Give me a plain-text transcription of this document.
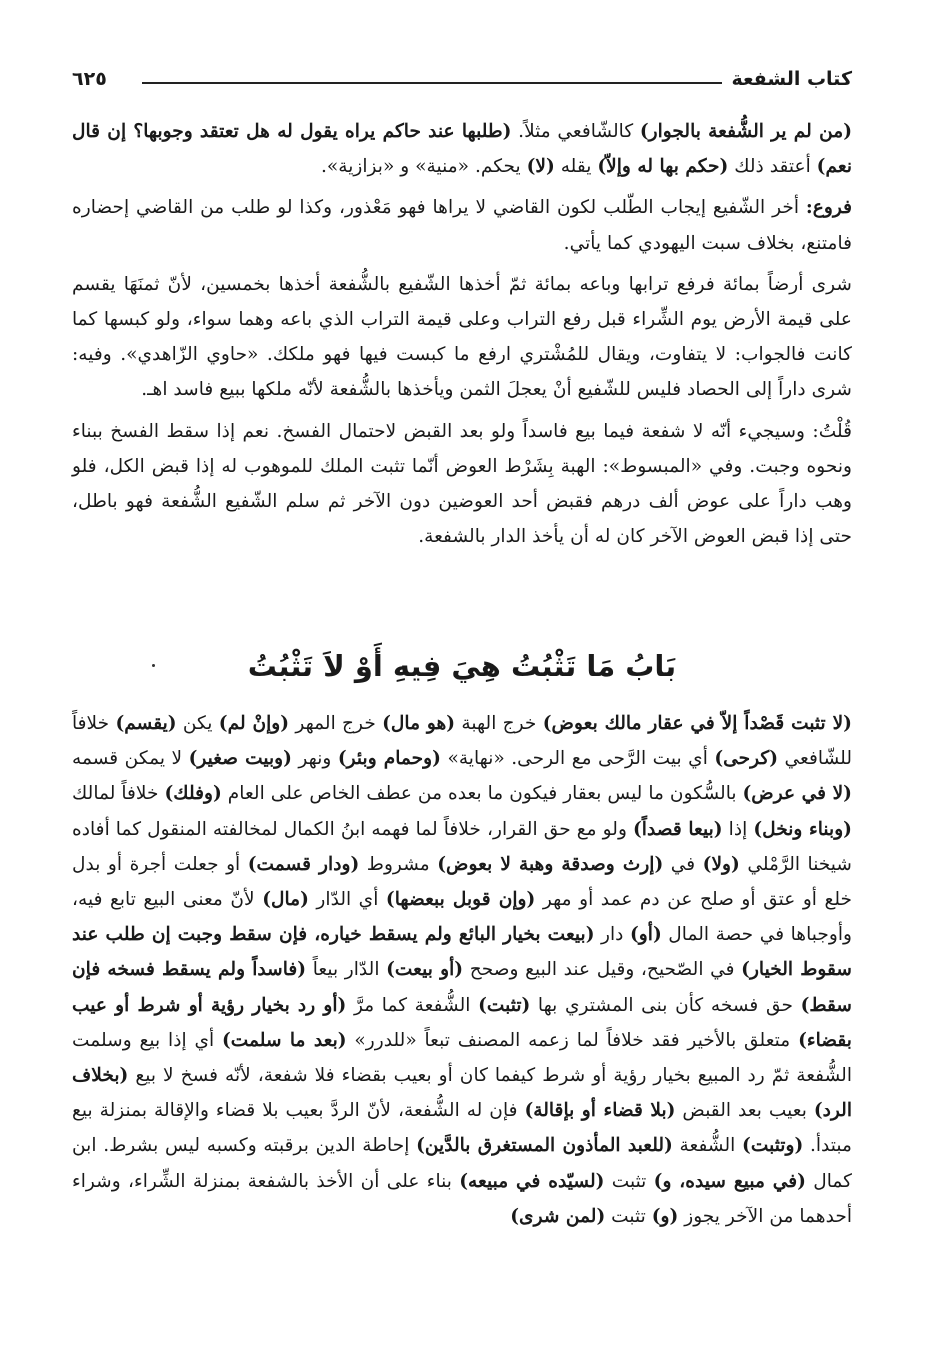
كتاب الشفعة
٦٢٥

(من لم ير الشُّفعة بالجوار) كالشّافعي مثلاً. (طلبها عند حاكم يراه يقول له هل تعتقد وجوبها؟ إن قال نعم) أعتقد ذلك (حكم بها له وإلاّ) يقله (لا) يحكم. «منية» و «بزازية».

فروع: أخر الشّفيع إيجاب الطّلب لكون القاضي لا يراها فهو مَعْذور، وكذا لو طلب من القاضي إحضاره فامتنع، بخلاف سبت اليهودي كما يأتي.

شرى أرضاً بمائة فرفع ترابها وباعه بمائة ثمّ أخذها الشّفيع بالشُّفعة أخذها بخمسين، لأنّ ثمنَهَا يقسم على قيمة الأرض يوم الشِّراء قبل رفع التراب وعلى قيمة التراب الذي باعه وهما سواء، ولو كبسها كما كانت فالجواب: لا يتفاوت، ويقال للمُشْتري ارفع ما كبست فيها فهو ملكك. «حاوي الزّاهدي». وفيه: شرى داراً إلى الحصاد فليس للشّفيع أنْ يعجلَ الثمن ويأخذها بالشُّفعة لأنّه ملكها ببيع فاسد اهـ.

قُلْتُ: وسيجيء أنّه لا شفعة فيما بيع فاسداً ولو بعد القبض لاحتمال الفسخ. نعم إذا سقط الفسخ ببناء ونحوه وجبت. وفي «المبسوط»: الهبة بِشَرْط العوض أنّما تثبت الملك للموهوب له إذا قبض الكل، فلو وهب داراً على عوض ألف درهم فقبض أحد العوضين دون الآخر ثم سلم الشّفيع الشُّفعة فهو باطل، حتى إذا قبض العوض الآخر كان له أن يأخذ الدار بالشفعة.

بَابُ مَا تَثْبُتُ هِيَ فِيهِ أَوْ لاَ تَثْبُتُ

(لا تثبت قَصْداً إلاّ في عقار مالك بعوض) خرج الهبة (هو مال) خرج المهر (وإنْ لم) يكن (يقسم) خلافاً للشّافعي (كرحى) أي بيت الرَّحى مع الرحى. «نهاية» (وحمام وبئر) ونهر (وبيت صغير) لا يمكن قسمه (لا في عرض) بالسُّكون ما ليس بعقار فيكون ما بعده من عطف الخاص على العام (وفلك) خلافاً لمالك (وبناء ونخل) إذا (بيعا قصداً) ولو مع حق القرار، خلافاً لما فهمه ابنُ الكمال لمخالفته المنقول كما أفاده شيخنا الرَّمْلي (ولا) في (إرث وصدقة وهبة لا بعوض) مشروط (ودار قسمت) أو جعلت أجرة أو بدل خلع أو عتق أو صلح عن دم عمد أو مهر (وإن قوبل ببعضها) أي الدّار (مال) لأنّ معنى البيع تابع فيه، وأوجباها في حصة المال (أو) دار (بيعت بخيار البائع ولم يسقط خياره، فإن سقط وجبت إن طلب عند سقوط الخيار) في الصّحيح، وقيل عند البيع وصحح (أو بيعت) الدّار بيعاً (فاسداً ولم يسقط فسخه فإن سقط) حق فسخه كأن بنى المشتري بها (تثبت) الشُّفعة كما مرَّ (أو رد بخيار رؤية أو شرط أو عيب بقضاء) متعلق بالأخير فقد خلافاً لما زعمه المصنف تبعاً «للدرر» (بعد ما سلمت) أي إذا بيع وسلمت الشُّفعة ثمّ رد المبيع بخيار رؤية أو شرط كيفما كان أو بعيب بقضاء فلا شفعة، لأنّه فسخ لا بيع (بخلاف الرد) بعيب بعد القبض (بلا قضاء أو بإقالة) فإن له الشُّفعة، لأنّ الردَّ بعيب بلا قضاء والإقالة بمنزلة بيع مبتدأ. (وتثبت) الشُّفعة (للعبد المأذون المستغرق بالدَّين) إحاطة الدين برقبته وكسبه ليس بشرط. ابن كمال (في مبيع سيده، و) تثبت (لسيّده في مبيعه) بناء على أن الأخذ بالشفعة بمنزلة الشِّراء، وشراء أحدهما من الآخر يجوز (و) تثبت (لمن شرى)
